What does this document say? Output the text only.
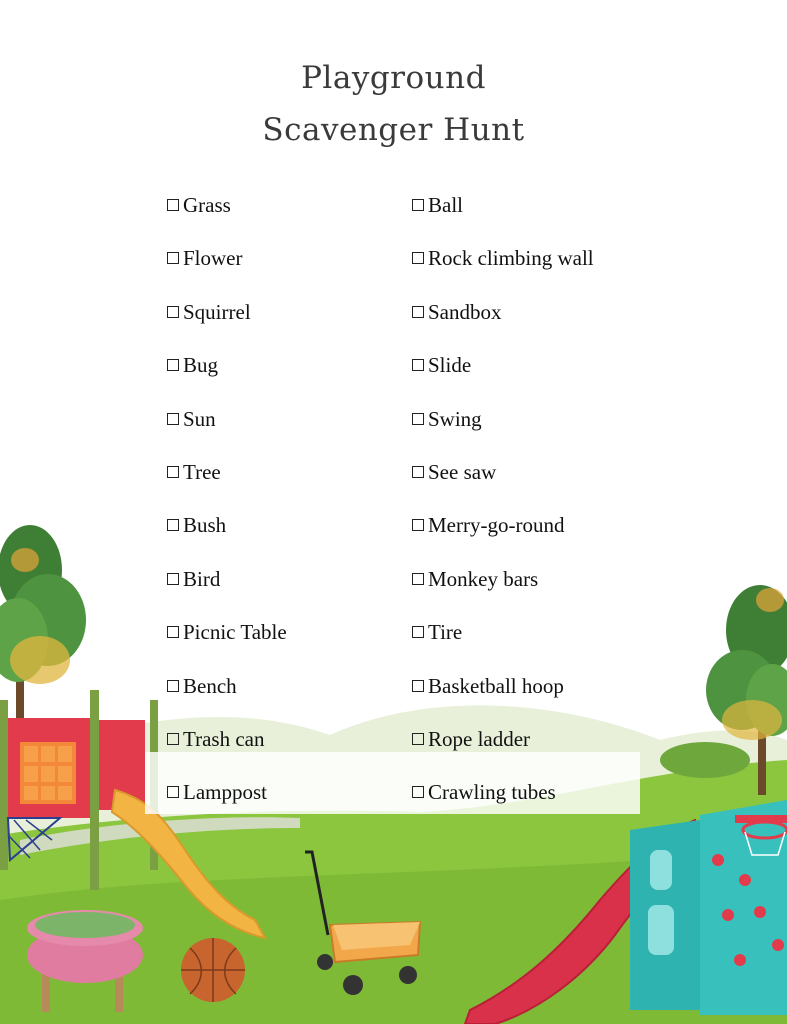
Playground
Scavenger Hunt
Grass
Flower
Squirrel
Bug
Sun
Tree
Bush
Bird
Picnic Table
Bench
Trash can
Lamppost
Ball
Rock climbing wall
Sandbox
Slide
Swing
See saw
Merry-go-round
Monkey bars
Tire
Basketball hoop
Rope ladder
Crawling tubes
